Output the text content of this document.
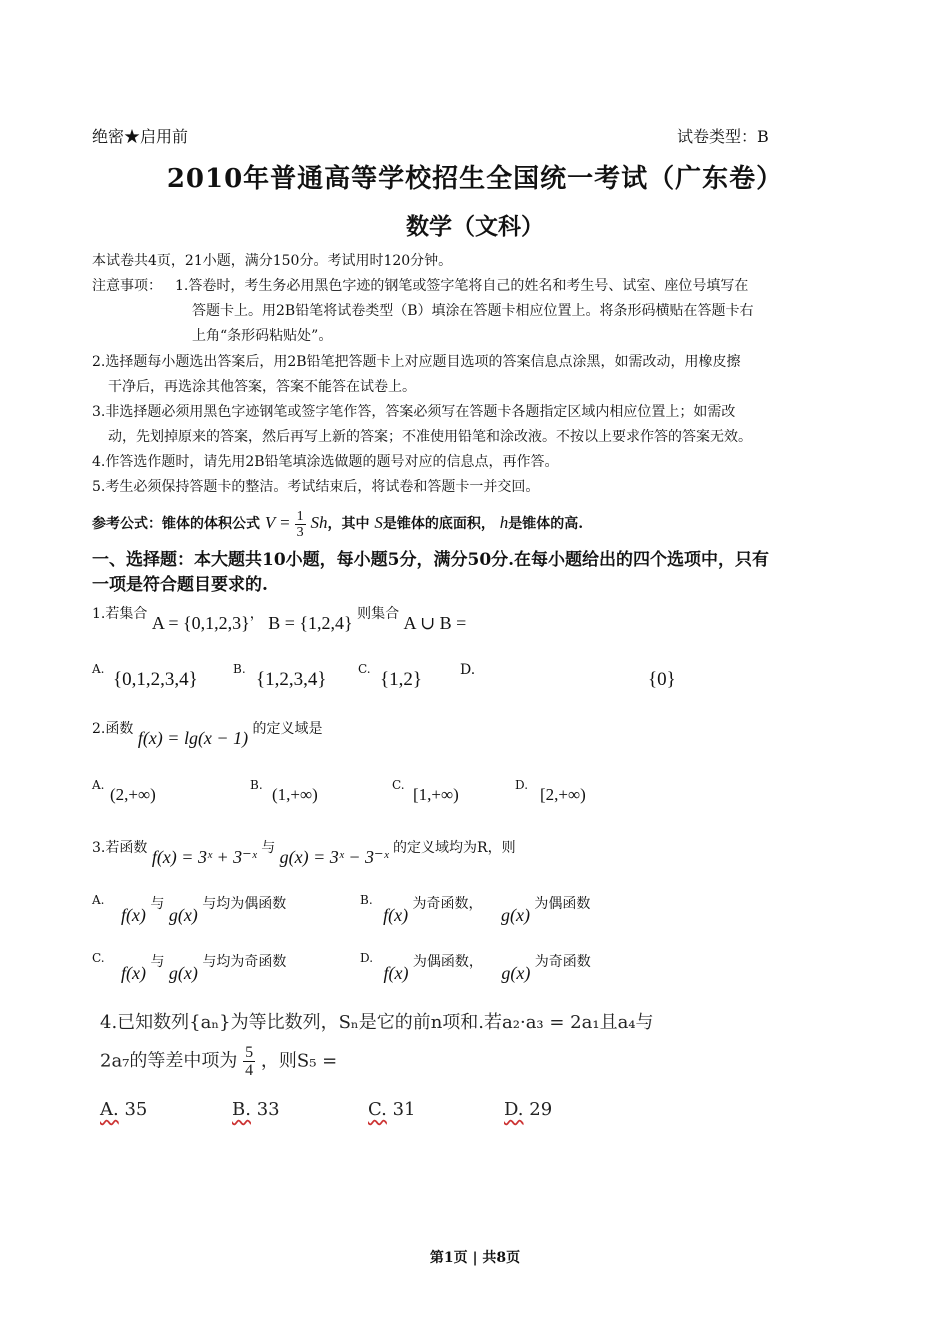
绝密★启用前	试卷类型：B
2010年普通高等学校招生全国统一考试（广东卷）
数学（文科）
本试卷共4页，21小题，满分150分。考试用时120分钟。
注意事项： 1.答卷时，考生务必用黑色字迹的钢笔或签字笔将自己的姓名和考生号、试室、座位号填写在
答题卡上。用2B铅笔将试卷类型（B）填涂在答题卡相应位置上。将条形码横贴在答题卡右
上角“条形码粘贴处”。
2.选择题每小题选出答案后，用2B铅笔把答题卡上对应题目选项的答案信息点涂黑，如需改动，用橡皮擦
干净后，再选涂其他答案，答案不能答在试卷上。
3.非选择题必须用黑色字迹钢笔或签字笔作答，答案必须写在答题卡各题指定区域内相应位置上；如需改
动，先划掉原来的答案，然后再写上新的答案；不准使用铅笔和涂改液。不按以上要求作答的答案无效。
4.作答选作题时，请先用2B铅笔填涂选做题的题号对应的信息点，再作答。
5.考生必须保持答题卡的整洁。考试结束后，将试卷和答题卡一并交回。
参考公式：锥体的体积公式 $V = \frac{1}{3}$ Sh，其中 S是锥体的底面积， h是锥体的高.
一、选择题：本大题共10小题，每小题5分，满分50分.在每小题给出的四个选项中，只有
一项是符合题目要求的.
1.若集合 A = {0,1,2,3}， B = {1,2,4} 则集合 A ∪ B =
A. {0,1,2,3,4}	B. {1,2,3,4}	C. {1,2}	D.	{0}
2.函数 f(x) = lg(x − 1) 的定义域是
A. (2,+∞)	B. (1,+∞)	C. [1,+∞)	D. [2,+∞)
3.若函数 f(x) = 3ˣ + 3⁻ˣ 与 g(x) = 3ˣ − 3⁻ˣ 的定义域均为R，则
A. f(x) 与 g(x) 与均为偶函数	B. f(x) 为奇函数， g(x) 为偶函数
C. f(x) 与 g(x) 与均为奇函数	D. f(x) 为偶函数， g(x) 为奇函数
4.已知数列{aₙ}为等比数列，Sₙ是它的前n项和.若a₂·a₃ = 2a₁且a₄与
2a₇的等差中项为 $\frac{5}{4}$ ，则S₅ =
A. 35	B. 33	C. 31	D. 29
第1页 | 共8页
